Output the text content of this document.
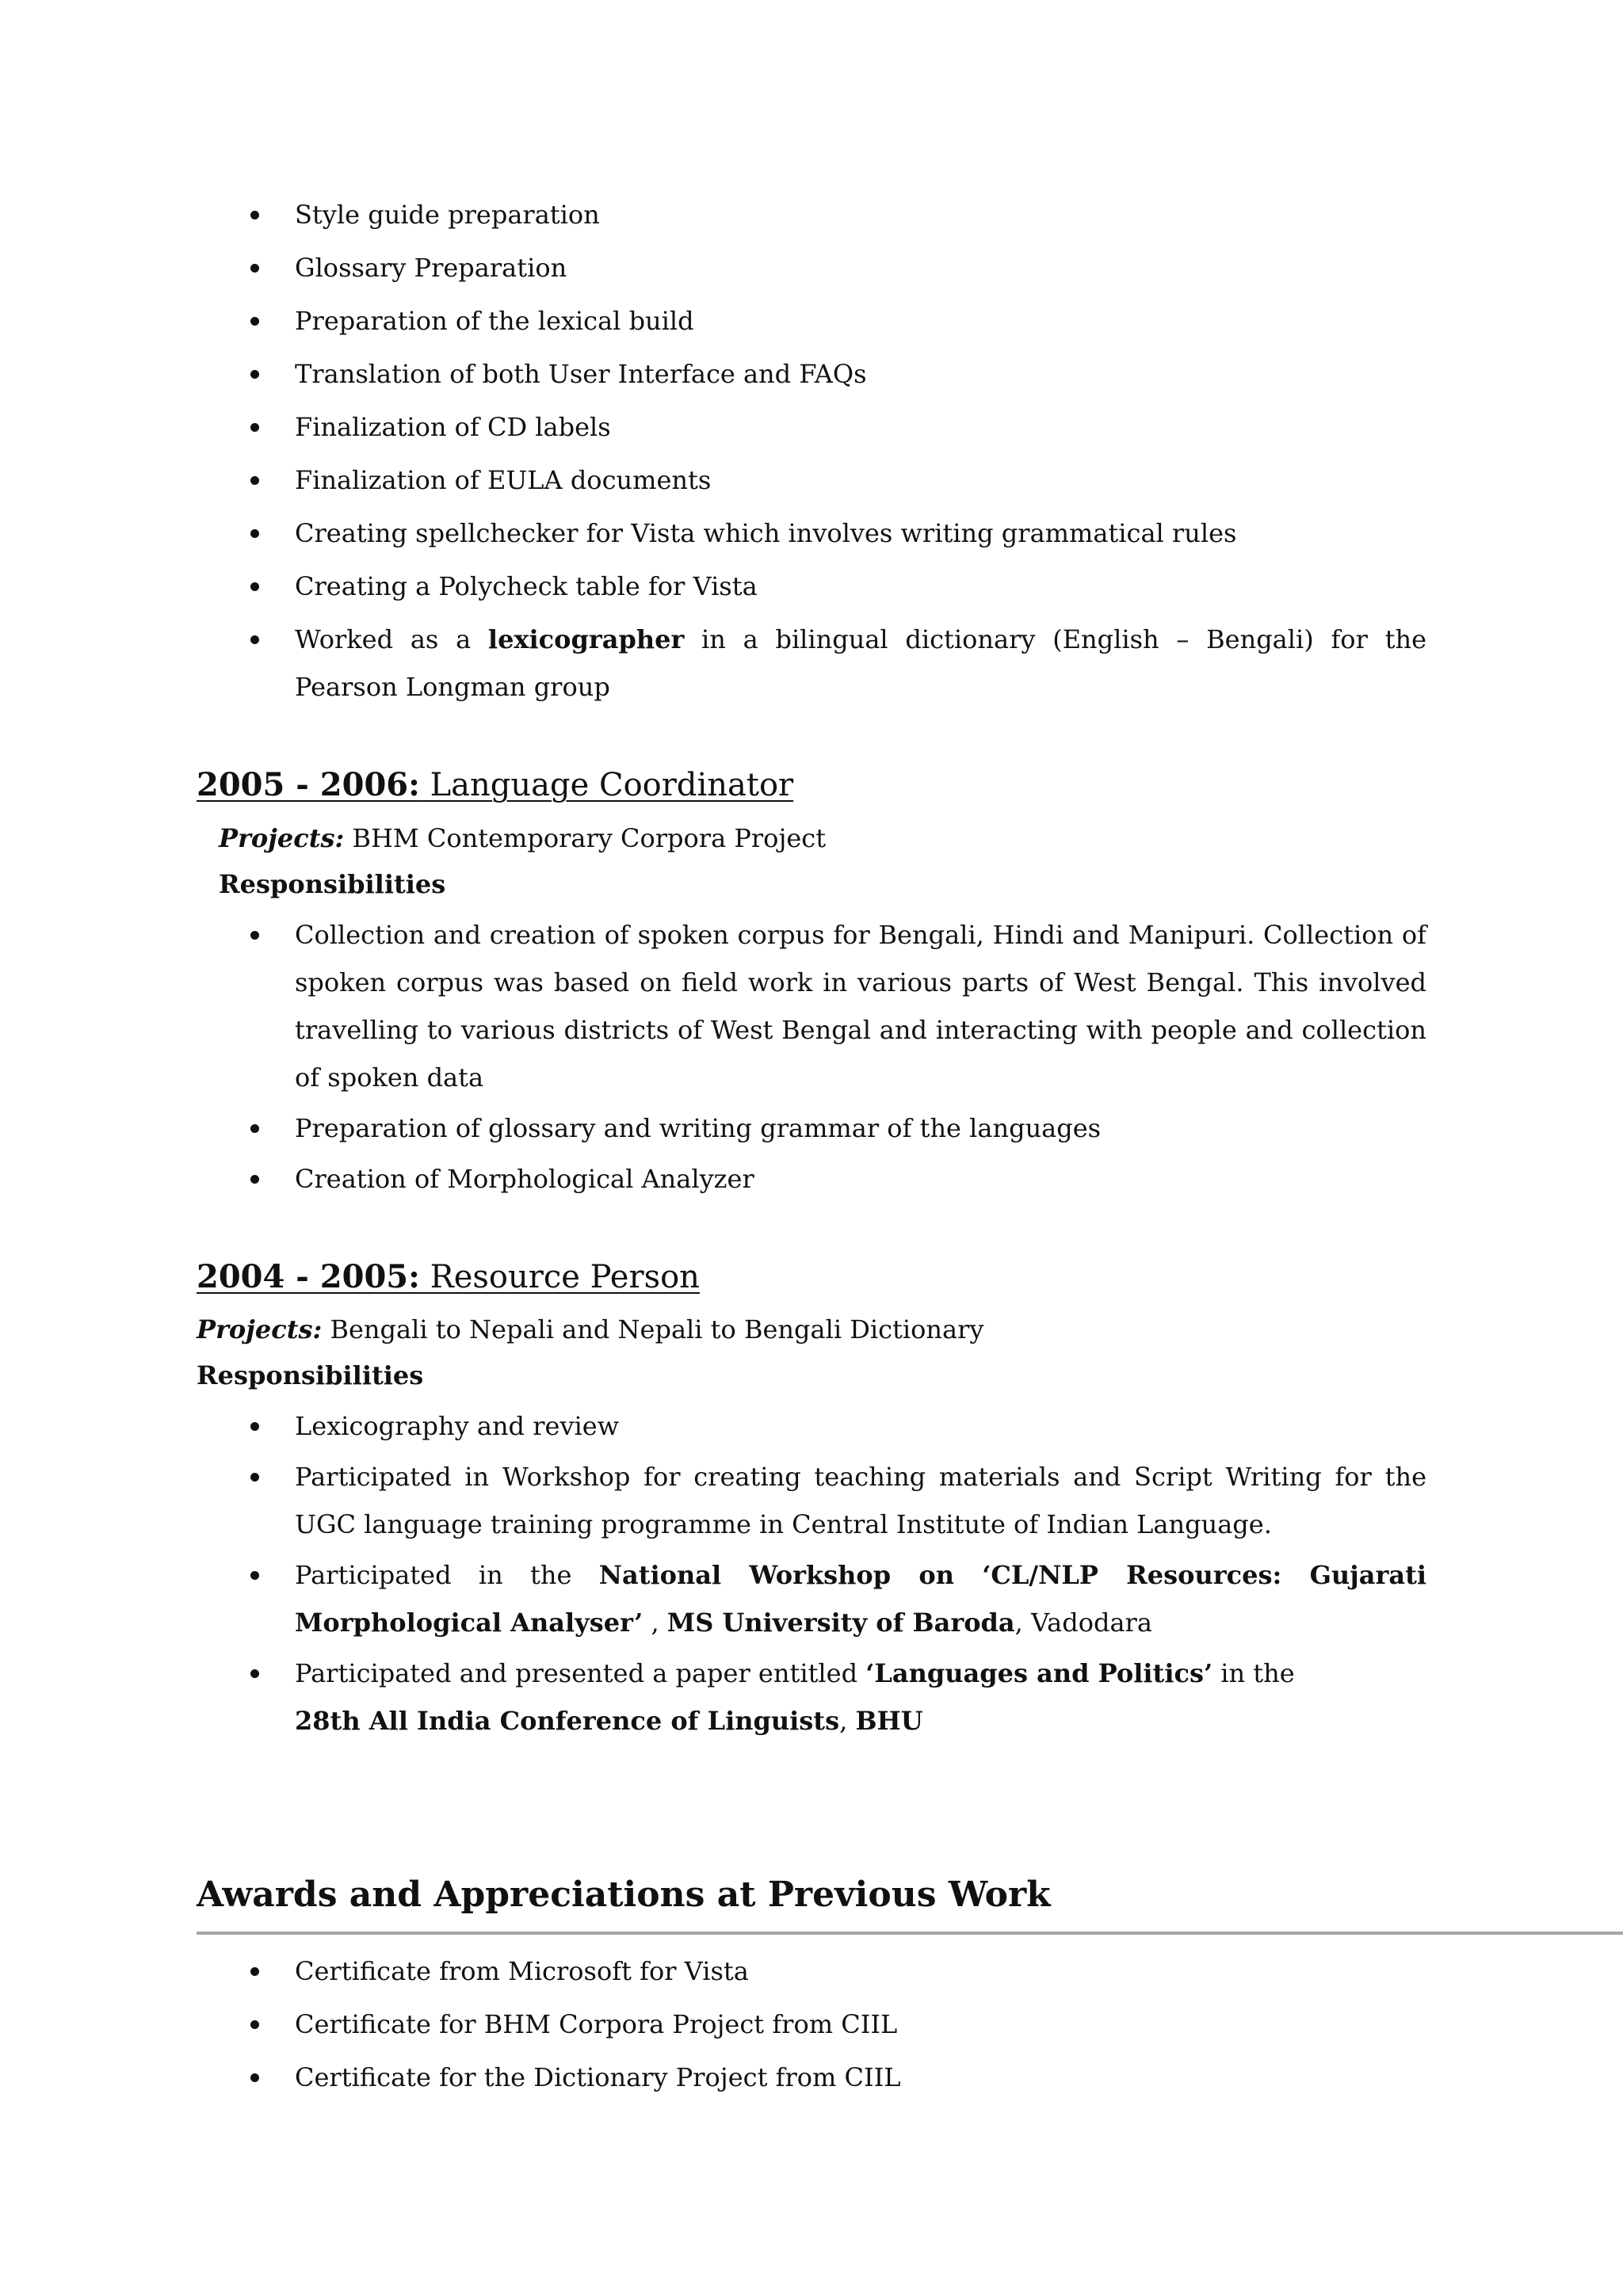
Style guide preparation
Glossary Preparation
Preparation of the lexical build
Translation of both User Interface and FAQs
Finalization of CD labels
Finalization of EULA documents
Creating spellchecker for Vista which involves writing grammatical rules
Creating a Polycheck table for Vista
Worked as a lexicographer in a bilingual dictionary (English – Bengali) for the Pearson Longman group
2005 - 2006: Language Coordinator
Projects: BHM Contemporary Corpora Project
Responsibilities
Collection and creation of spoken corpus for Bengali, Hindi and Manipuri. Collection of spoken corpus was based on field work in various parts of West Bengal. This involved travelling to various districts of West Bengal and interacting with people and collection of spoken data
Preparation of glossary and writing grammar of the languages
Creation of Morphological Analyzer
2004 - 2005: Resource Person
Projects: Bengali to Nepali and Nepali to Bengali Dictionary
Responsibilities
Lexicography and review
Participated in Workshop for creating teaching materials and Script Writing for the UGC language training programme in Central Institute of Indian Language.
Participated in the National Workshop on ‘CL/NLP Resources: Gujarati Morphological Analyser’ , MS University of Baroda, Vadodara
Participated and presented a paper entitled ‘Languages and Politics’ in the 28th All India Conference of Linguists, BHU
Awards and Appreciations at Previous Work
Certificate from Microsoft for Vista
Certificate for BHM Corpora Project from CIIL
Certificate for the Dictionary Project from CIIL
